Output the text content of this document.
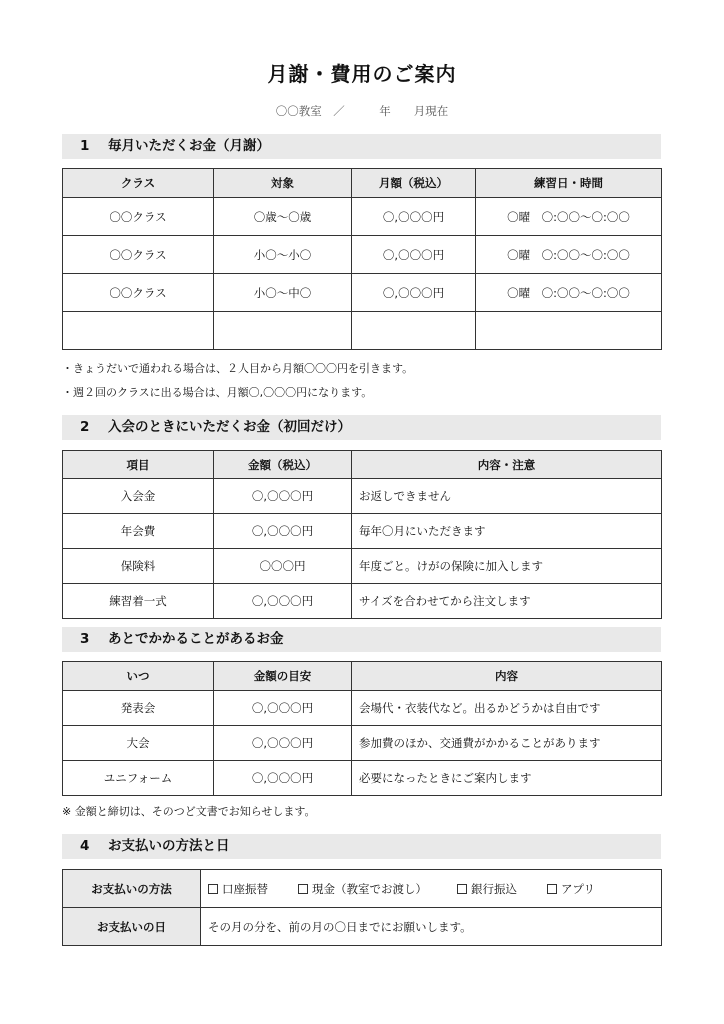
月謝・費用のご案内
〇〇教室　／　　　年　　月現在
1 毎月いただくお金（月謝）
クラス	対象	月額（税込）	練習日・時間
〇〇クラス	〇歳〜〇歳	〇,〇〇〇円	〇曜　〇:〇〇〜〇:〇〇
〇〇クラス	小〇〜小〇	〇,〇〇〇円	〇曜　〇:〇〇〜〇:〇〇
〇〇クラス	小〇〜中〇	〇,〇〇〇円	〇曜　〇:〇〇〜〇:〇〇

・きょうだいで通われる場合は、２人目から月額〇〇〇円を引きます。
・週２回のクラスに出る場合は、月額〇,〇〇〇円になります。
2 入会のときにいただくお金（初回だけ）
項目	金額（税込）	内容・注意
入会金	〇,〇〇〇円	お返しできません
年会費	〇,〇〇〇円	毎年〇月にいただきます
保険料	〇〇〇円	年度ごと。けがの保険に加入します
練習着一式	〇,〇〇〇円	サイズを合わせてから注文します
3 あとでかかることがあるお金
いつ	金額の目安	内容
発表会	〇,〇〇〇円	会場代・衣装代など。出るかどうかは自由です
大会	〇,〇〇〇円	参加費のほか、交通費がかかることがあります
ユニフォーム	〇,〇〇〇円	必要になったときにご案内します
※ 金額と締切は、そのつど文書でお知らせします。
4 お支払いの方法と日
お支払いの方法	口座振替 現金（教室でお渡し） 銀行振込 アプリ
お支払いの日	その月の分を、前の月の〇日までにお願いします。
